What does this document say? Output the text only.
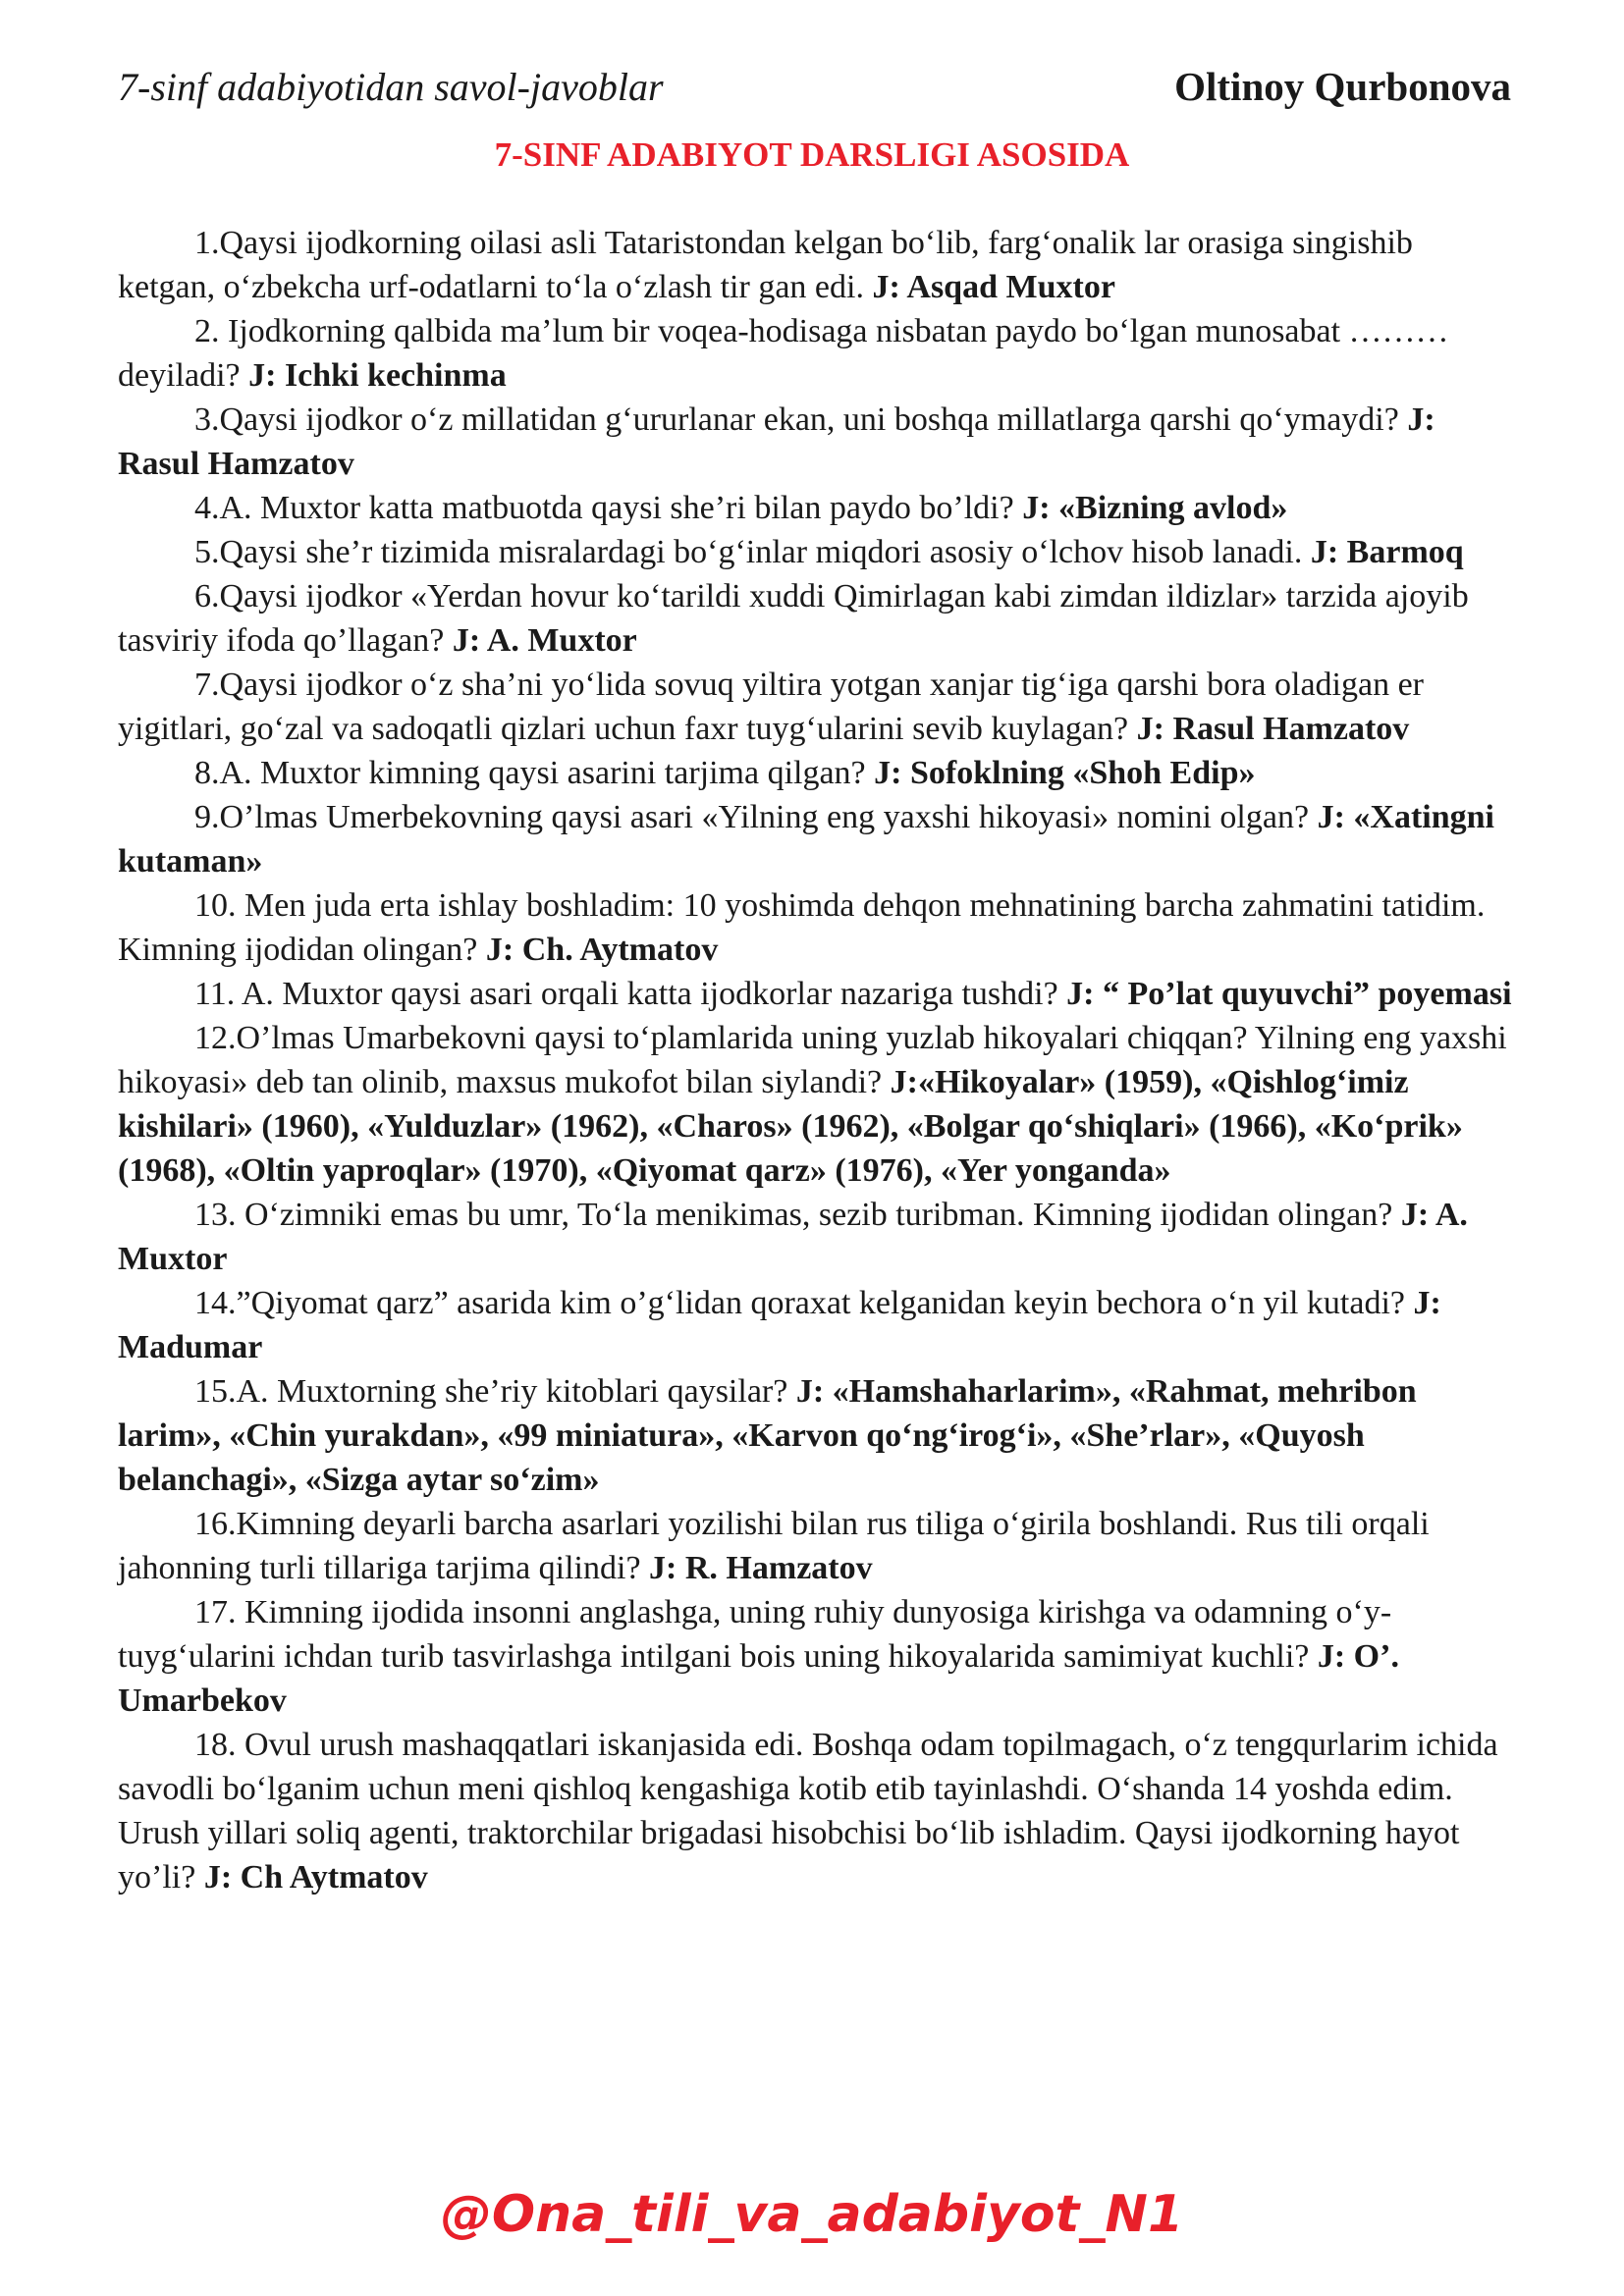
7-sinf adabiyotidan savol-javoblar	Oltinoy Qurbonova
7-SINF ADABIYOT DARSLIGI ASOSIDA

1.Qaysi ijodkorning oilasi asli Tataristondan kelgan bo‘lib, farg‘onalik lar orasiga singishib ketgan, o‘zbekcha urf-odatlarni to‘la o‘zlash tir gan edi. J: Asqad Muxtor

2. Ijodkorning qalbida ma’lum bir voqea-hodisaga nisbatan paydo bo‘lgan munosabat ………deyiladi? J: Ichki kechinma

3.Qaysi ijodkor o‘z millatidan g‘ururlanar ekan, uni boshqa millatlarga qarshi qo‘ymaydi? J: Rasul Hamzatov

4.A. Muxtor katta matbuotda qaysi she’ri bilan paydo bo’ldi? J: «Bizning avlod»

5.Qaysi she’r tizimida misralardagi bo‘g‘inlar miqdori asosiy o‘lchov hisob lanadi. J: Barmoq

6.Qaysi ijodkor «Yerdan hovur ko‘tarildi xuddi Qimirlagan kabi zimdan ildizlar» tarzida ajoyib tasviriy ifoda qo’llagan? J: A. Muxtor

7.Qaysi ijodkor o‘z sha’ni yo‘lida sovuq yiltira yotgan xanjar tig‘iga qarshi bora oladigan er yigitlari, go‘zal va sadoqatli qizlari uchun faxr tuyg‘ularini sevib kuylagan? J: Rasul Hamzatov

8.A. Muxtor kimning qaysi asarini tarjima qilgan? J: Sofoklning «Shoh Edip»

9.O’lmas Umerbekovning qaysi asari «Yilning eng yaxshi hikoyasi» nomini olgan? J: «Xatingni kutaman»

10. Men juda erta ishlay boshladim: 10 yoshimda dehqon mehnatining barcha zahmatini tatidim. Kimning ijodidan olingan? J: Ch. Aytmatov

11. A. Muxtor qaysi asari orqali katta ijodkorlar nazariga tushdi? J: “ Po’lat quyuvchi” poyemasi

12.O’lmas Umarbekovni qaysi to‘plamlarida uning yuzlab hikoyalari chiqqan? Yilning eng yaxshi hikoyasi» deb tan olinib, maxsus mukofot bilan siylandi? J:«Hikoyalar» (1959), «Qishlog‘imiz kishilari» (1960), «Yulduzlar» (1962), «Charos» (1962), «Bolgar qo‘shiqlari» (1966), «Ko‘prik» (1968), «Oltin yaproqlar» (1970), «Qiyomat qarz» (1976), «Yer yonganda»

13. O‘zimniki emas bu umr, To‘la menikimas, sezib turibman. Kimning ijodidan olingan? J: A. Muxtor

14.”Qiyomat qarz” asarida kim o’g‘lidan qoraxat kelganidan keyin bechora o‘n yil kutadi? J: Madumar

15.A. Muxtorning she’riy kitoblari qaysilar? J: «Hamshaharlarim», «Rahmat, mehribon larim», «Chin yurakdan», «99 miniatura», «Karvon qo‘ng‘irog‘i», «She’rlar», «Quyosh belanchagi», «Sizga aytar so‘zim»

16.Kimning deyarli barcha asarlari yozilishi bilan rus tiliga o‘girila boshlandi. Rus tili orqali jahonning turli tillariga tarjima qilindi? J: R. Hamzatov

17. Kimning ijodida insonni anglashga, uning ruhiy dunyosiga kirishga va odamning o‘y-tuyg‘ularini ichdan turib tasvirlashga intilgani bois uning hikoyalarida samimiyat kuchli? J: O’. Umarbekov

18. Ovul urush mashaqqatlari iskanjasida edi. Boshqa odam topilmagach, o‘z tengqurlarim ichida savodli bo‘lganim uchun meni qishloq kengashiga kotib etib tayinlashdi. O‘shanda 14 yoshda edim. Urush yillari soliq agenti, traktorchilar brigadasi hisobchisi bo‘lib ishladim. Qaysi ijodkorning hayot yo’li? J: Ch Aytmatov

@Ona_tili_va_adabiyot_N1
